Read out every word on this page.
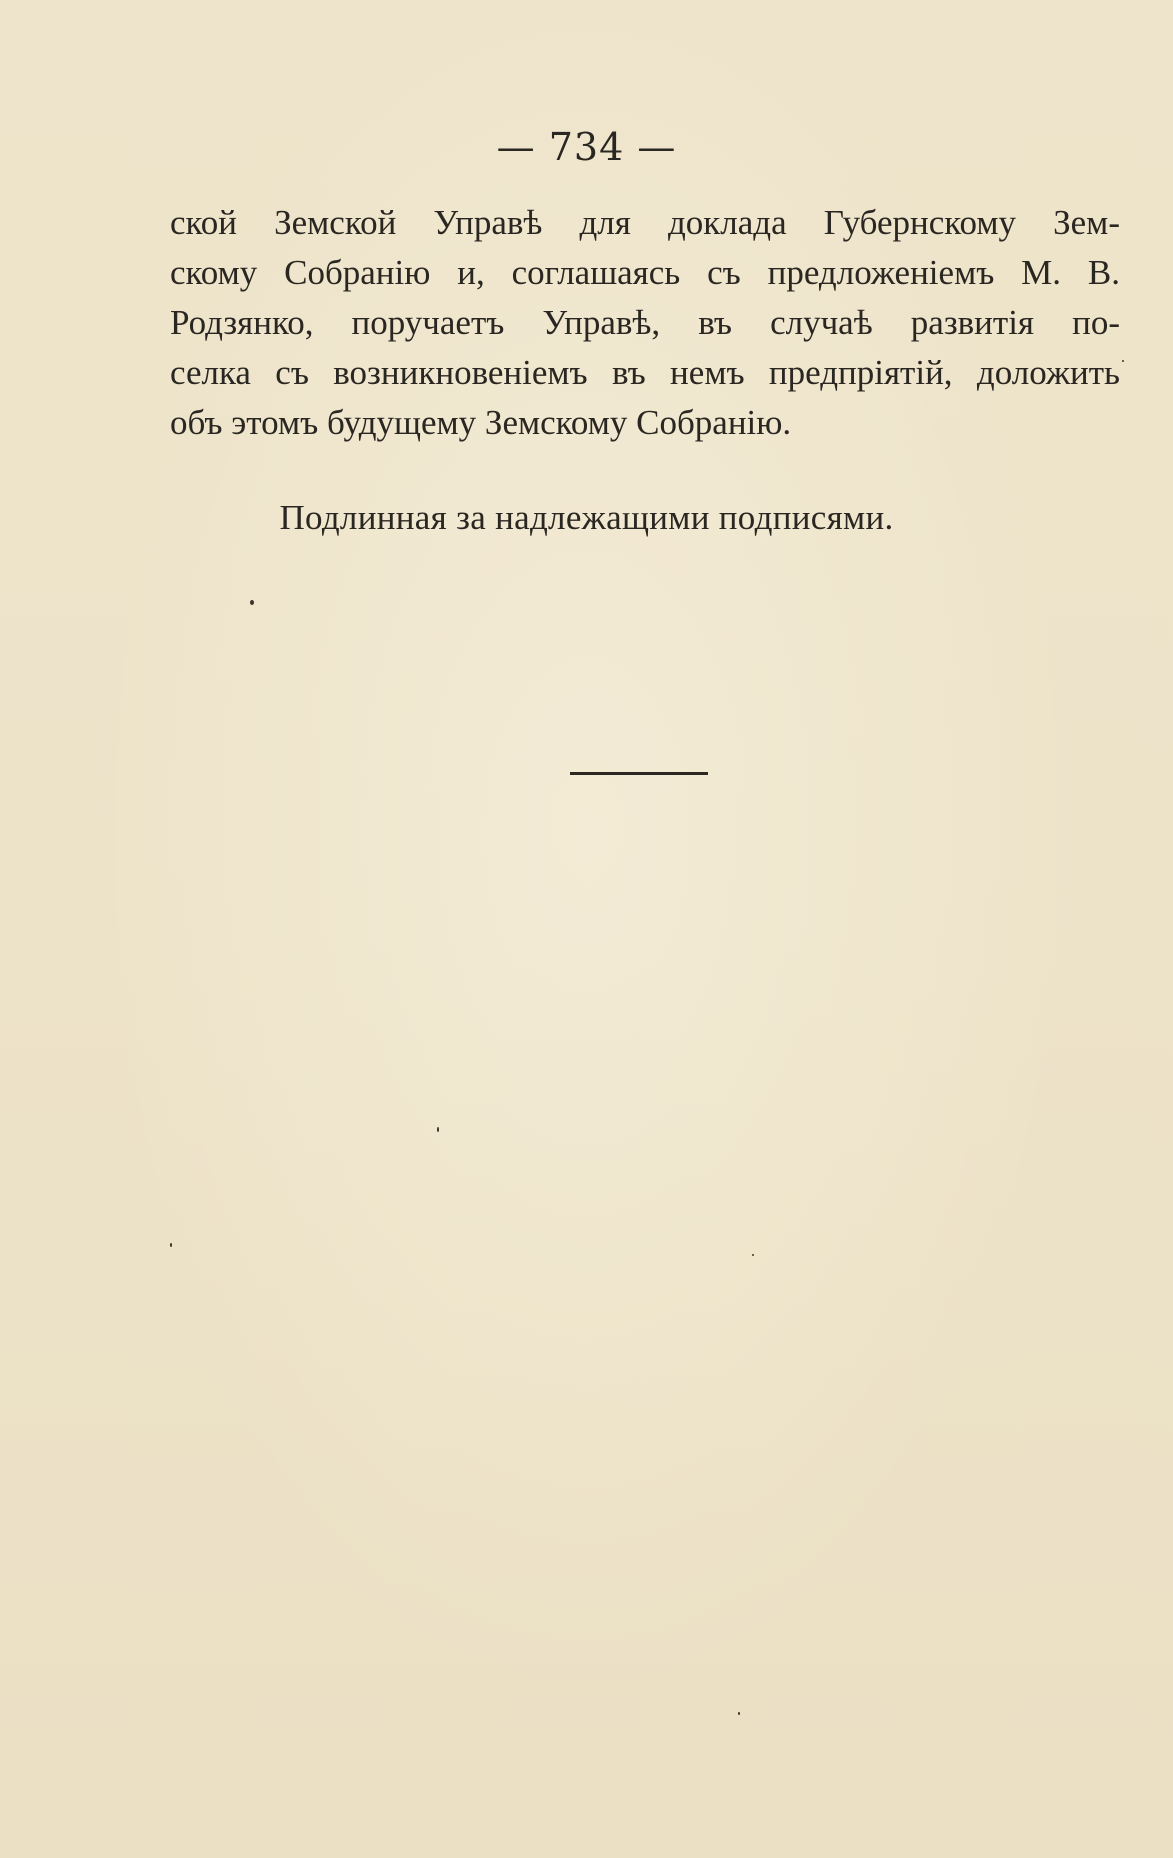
— 734 —
ской Земской Управѣ для доклада Губернскому Зем-
скому Собранію и, соглашаясь съ предложеніемъ М. В.
Родзянко, поручаетъ Управѣ, въ случаѣ развитія по-
селка съ возникновеніемъ въ немъ предпріятій, доложить
объ этомъ будущему Земскому Собранію.
Подлинная за надлежащими подписями.
